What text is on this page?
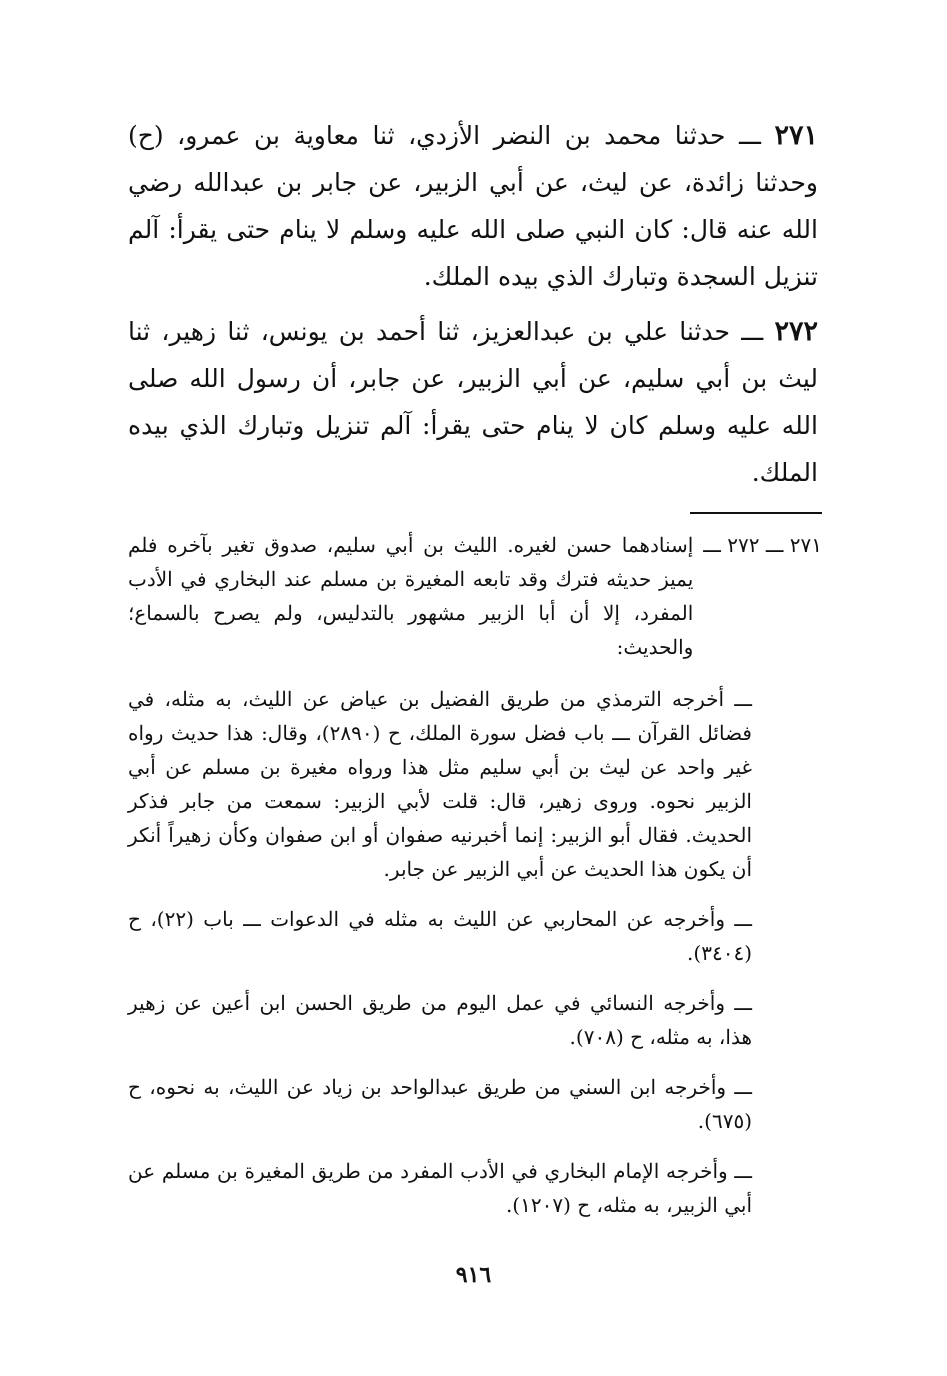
٢٧١ ـــ حدثنا محمد بن النضر الأزدي، ثنا معاوية بن عمرو، (ح) وحدثنا زائدة، عن ليث، عن أبي الزبير، عن جابر بن عبدالله رضي الله عنه قال: كان النبي صلى الله عليه وسلم لا ينام حتى يقرأ: آلم تنزيل السجدة وتبارك الذي بيده الملك.
٢٧٢ ـــ حدثنا علي بن عبدالعزيز، ثنا أحمد بن يونس، ثنا زهير، ثنا ليث بن أبي سليم، عن أبي الزبير، عن جابر، أن رسول الله صلى الله عليه وسلم كان لا ينام حتى يقرأ: آلم تنزيل وتبارك الذي بيده الملك.
٢٧١ ـــ ٢٧٢ ـــ
إسنادهما حسن لغيره. الليث بن أبي سليم، صدوق تغير بآخره فلم يميز حديثه فترك وقد تابعه المغيرة بن مسلم عند البخاري في الأدب المفرد، إلا أن أبا الزبير مشهور بالتدليس، ولم يصرح بالسماع؛ والحديث:
ـــ أخرجه الترمذي من طريق الفضيل بن عياض عن الليث، به مثله، في فضائل القرآن ـــ باب فضل سورة الملك، ح (٢٨٩٠)، وقال: هذا حديث رواه غير واحد عن ليث بن أبي سليم مثل هذا ورواه مغيرة بن مسلم عن أبي الزبير نحوه. وروى زهير، قال: قلت لأبي الزبير: سمعت من جابر فذكر الحديث. فقال أبو الزبير: إنما أخبرنيه صفوان أو ابن صفوان وكأن زهيراً أنكر أن يكون هذا الحديث عن أبي الزبير عن جابر.
ـــ وأخرجه عن المحاربي عن الليث به مثله في الدعوات ـــ باب (٢٢)، ح (٣٤٠٤).
ـــ وأخرجه النسائي في عمل اليوم من طريق الحسن ابن أعين عن زهير هذا، به مثله، ح (٧٠٨).
ـــ وأخرجه ابن السني من طريق عبدالواحد بن زياد عن الليث، به نحوه، ح (٦٧٥).
ـــ وأخرجه الإمام البخاري في الأدب المفرد من طريق المغيرة بن مسلم عن أبي الزبير، به مثله، ح (١٢٠٧).
٩١٦
